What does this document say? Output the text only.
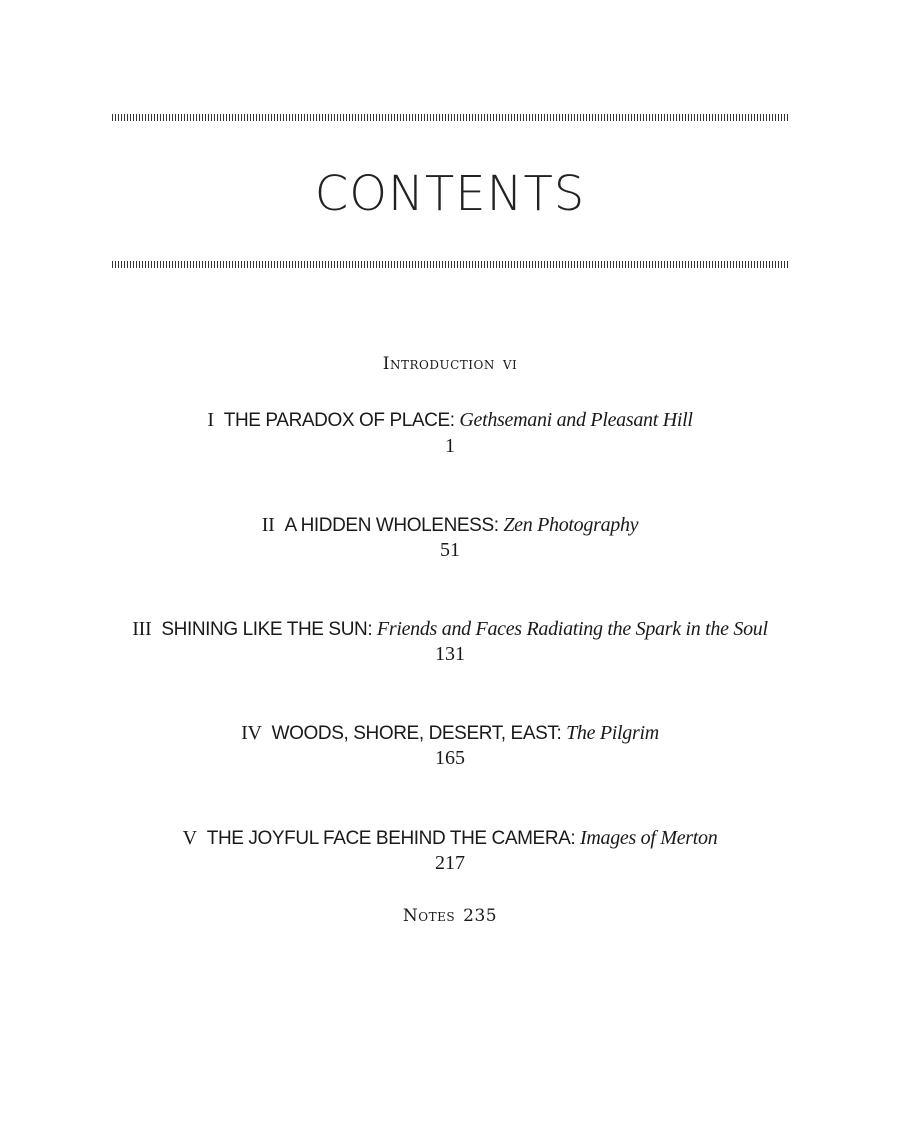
CONTENTS
Introduction vi
I THE PARADOX OF PLACE: Gethsemani and Pleasant Hill
1
II A HIDDEN WHOLENESS: Zen Photography
51
III SHINING LIKE THE SUN: Friends and Faces Radiating the Spark in the Soul
131
IV WOODS, SHORE, DESERT, EAST: The Pilgrim
165
V THE JOYFUL FACE BEHIND THE CAMERA: Images of Merton
217
Notes 235
